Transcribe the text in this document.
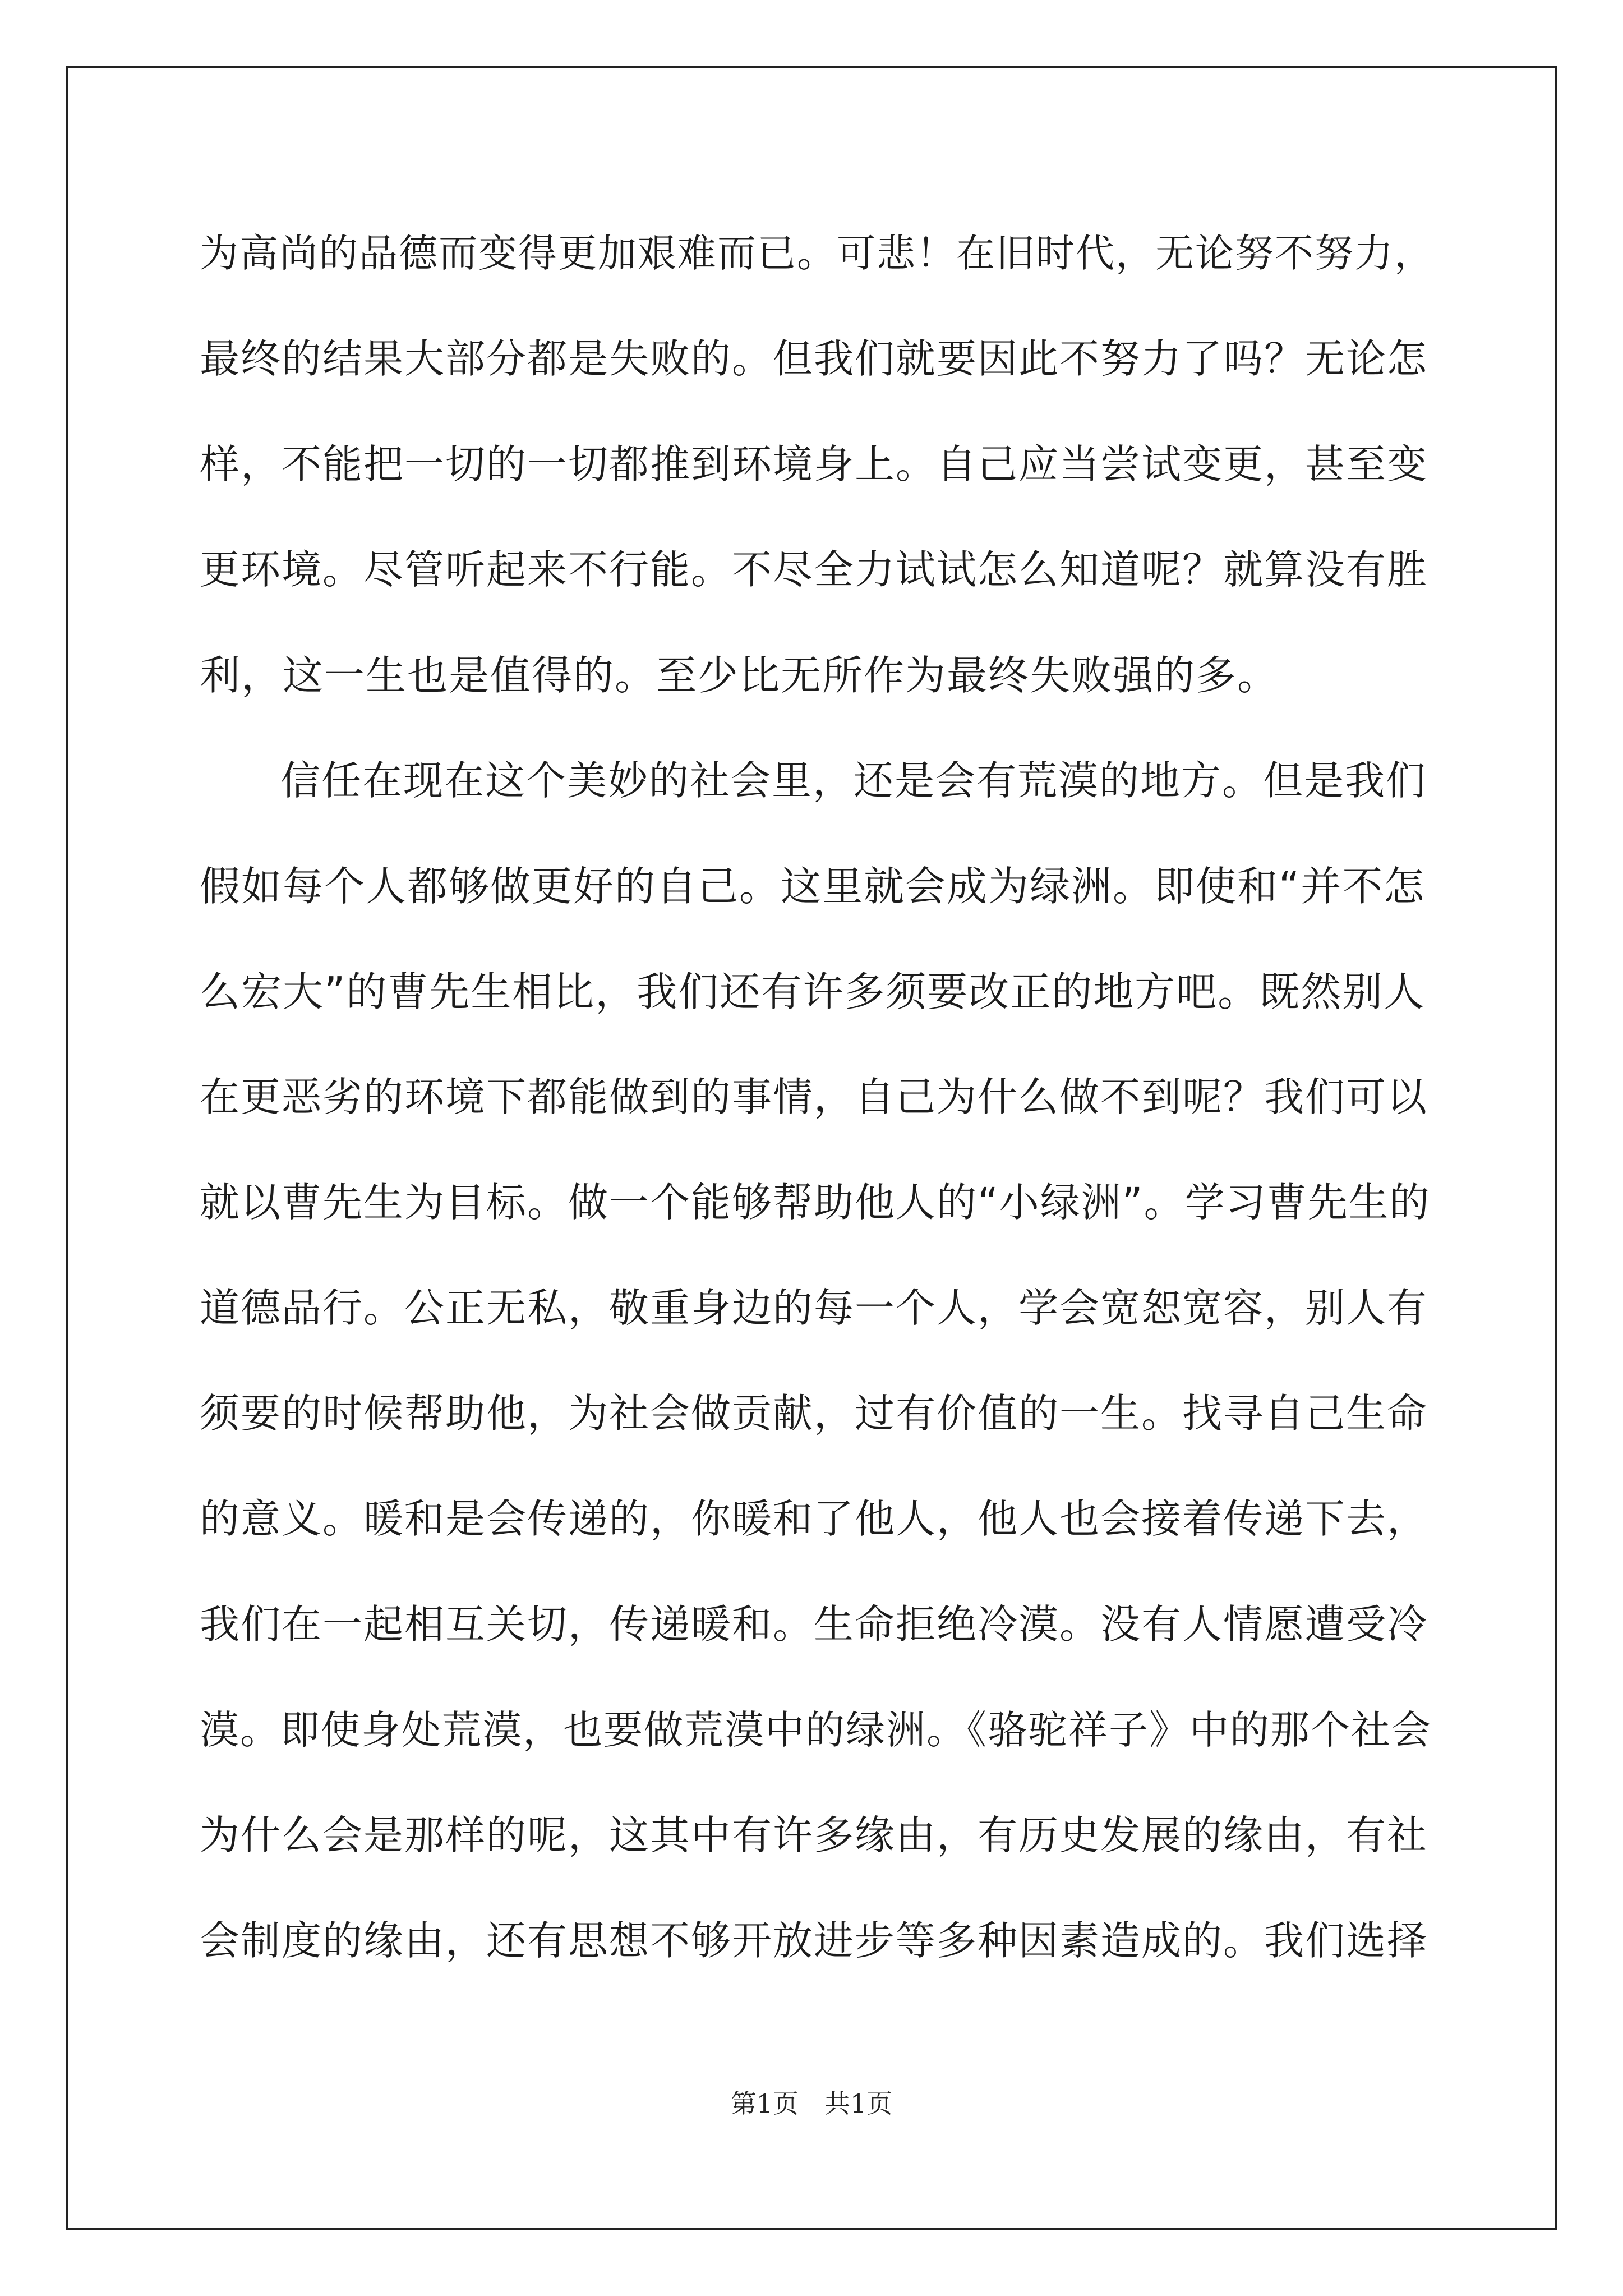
为高尚的品德而变得更加艰难而已。可悲！在旧时代，无论努不努力，
最终的结果大部分都是失败的。但我们就要因此不努力了吗？无论怎
样，不能把一切的一切都推到环境身上。自己应当尝试变更，甚至变
更环境。尽管听起来不行能。不尽全力试试怎么知道呢？就算没有胜
利，这一生也是值得的。至少比无所作为最终失败强的多。
信任在现在这个美妙的社会里，还是会有荒漠的地方。但是我们
假如每个人都够做更好的自己。这里就会成为绿洲。即使和“并不怎
么宏大”的曹先生相比，我们还有许多须要改正的地方吧。既然别人
在更恶劣的环境下都能做到的事情，自己为什么做不到呢？我们可以
就以曹先生为目标。做一个能够帮助他人的“小绿洲”。学习曹先生的
道德品行。公正无私，敬重身边的每一个人，学会宽恕宽容，别人有
须要的时候帮助他，为社会做贡献，过有价值的一生。找寻自己生命
的意义。暖和是会传递的，你暖和了他人，他人也会接着传递下去，
我们在一起相互关切，传递暖和。生命拒绝冷漠。没有人情愿遭受冷
漠。即使身处荒漠，也要做荒漠中的绿洲。《骆驼祥子》中的那个社会
为什么会是那样的呢，这其中有许多缘由，有历史发展的缘由，有社
会制度的缘由，还有思想不够开放进步等多种因素造成的。我们选择
第1页　共1页
